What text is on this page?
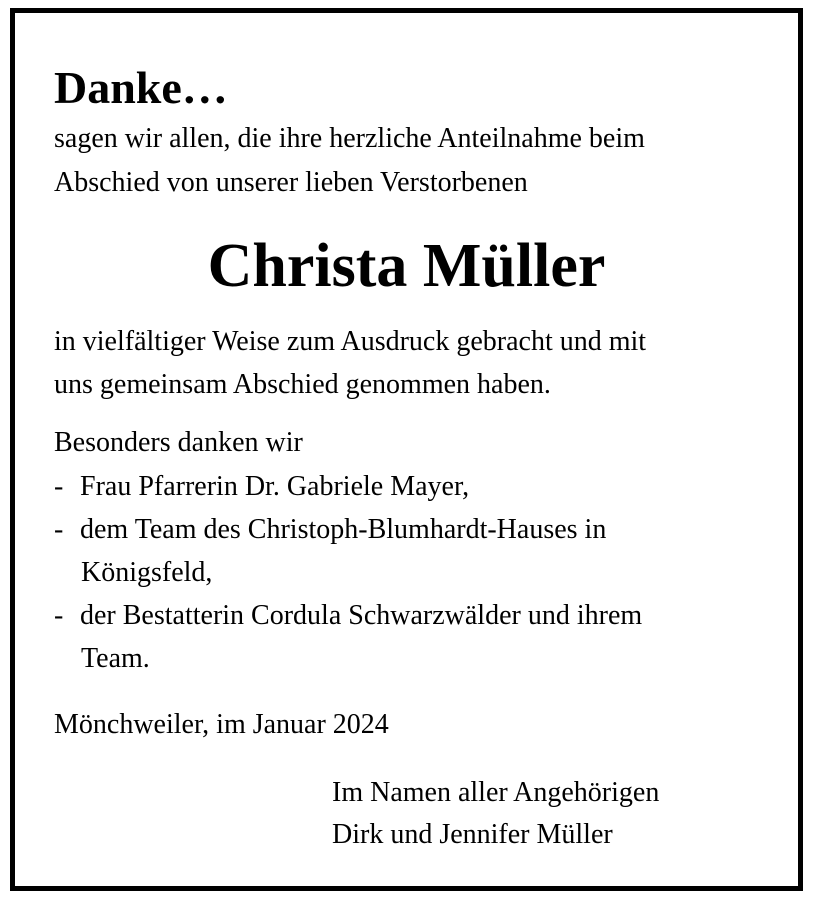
Danke…
sagen wir allen, die ihre herzliche Anteilnahme beim
Abschied von unserer lieben Verstorbenen
Christa Müller
in vielfältiger Weise zum Ausdruck gebracht und mit
uns gemeinsam Abschied genommen haben.
Besonders danken wir
- Frau Pfarrerin Dr. Gabriele Mayer,
- dem Team des Christoph-Blumhardt-Hauses in
Königsfeld,
- der Bestatterin Cordula Schwarzwälder und ihrem
Team.
Mönchweiler, im Januar 2024
Im Namen aller Angehörigen
Dirk und Jennifer Müller
